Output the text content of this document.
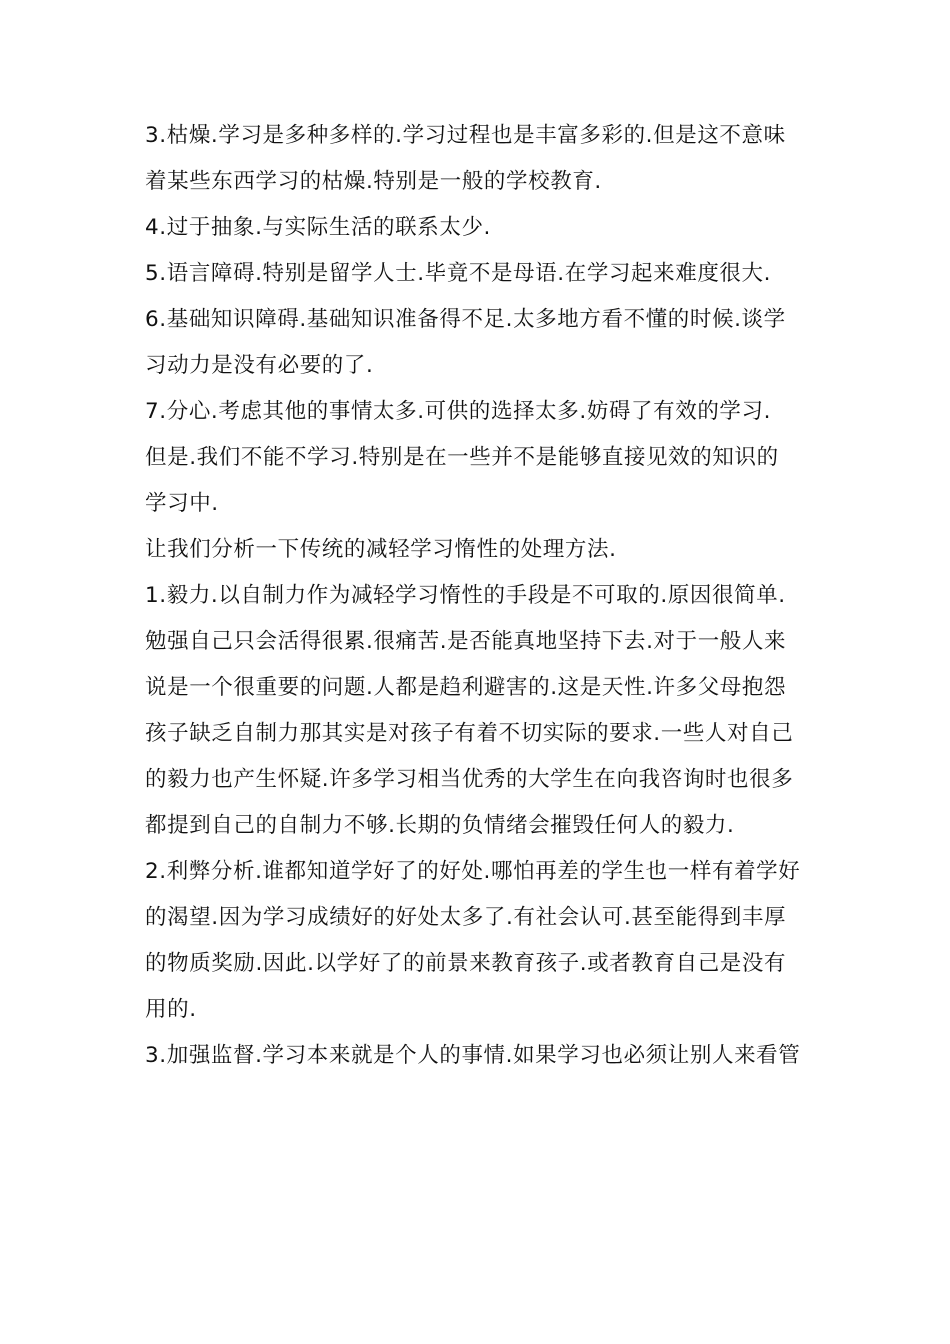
3.枯燥.学习是多种多样的.学习过程也是丰富多彩的.但是这不意味
着某些东西学习的枯燥.特别是一般的学校教育.
4.过于抽象.与实际生活的联系太少.
5.语言障碍.特别是留学人士.毕竟不是母语.在学习起来难度很大.
6.基础知识障碍.基础知识准备得不足.太多地方看不懂的时候.谈学
习动力是没有必要的了.
7.分心.考虑其他的事情太多.可供的选择太多.妨碍了有效的学习.
但是.我们不能不学习.特别是在一些并不是能够直接见效的知识的
学习中.
让我们分析一下传统的减轻学习惰性的处理方法.
1.毅力.以自制力作为减轻学习惰性的手段是不可取的.原因很简单.
勉强自己只会活得很累.很痛苦.是否能真地坚持下去.对于一般人来
说是一个很重要的问题.人都是趋利避害的.这是天性.许多父母抱怨
孩子缺乏自制力那其实是对孩子有着不切实际的要求.一些人对自己
的毅力也产生怀疑.许多学习相当优秀的大学生在向我咨询时也很多
都提到自己的自制力不够.长期的负情绪会摧毁任何人的毅力.
2.利弊分析.谁都知道学好了的好处.哪怕再差的学生也一样有着学好
的渴望.因为学习成绩好的好处太多了.有社会认可.甚至能得到丰厚
的物质奖励.因此.以学好了的前景来教育孩子.或者教育自己是没有
用的.
3.加强监督.学习本来就是个人的事情.如果学习也必须让别人来看管
